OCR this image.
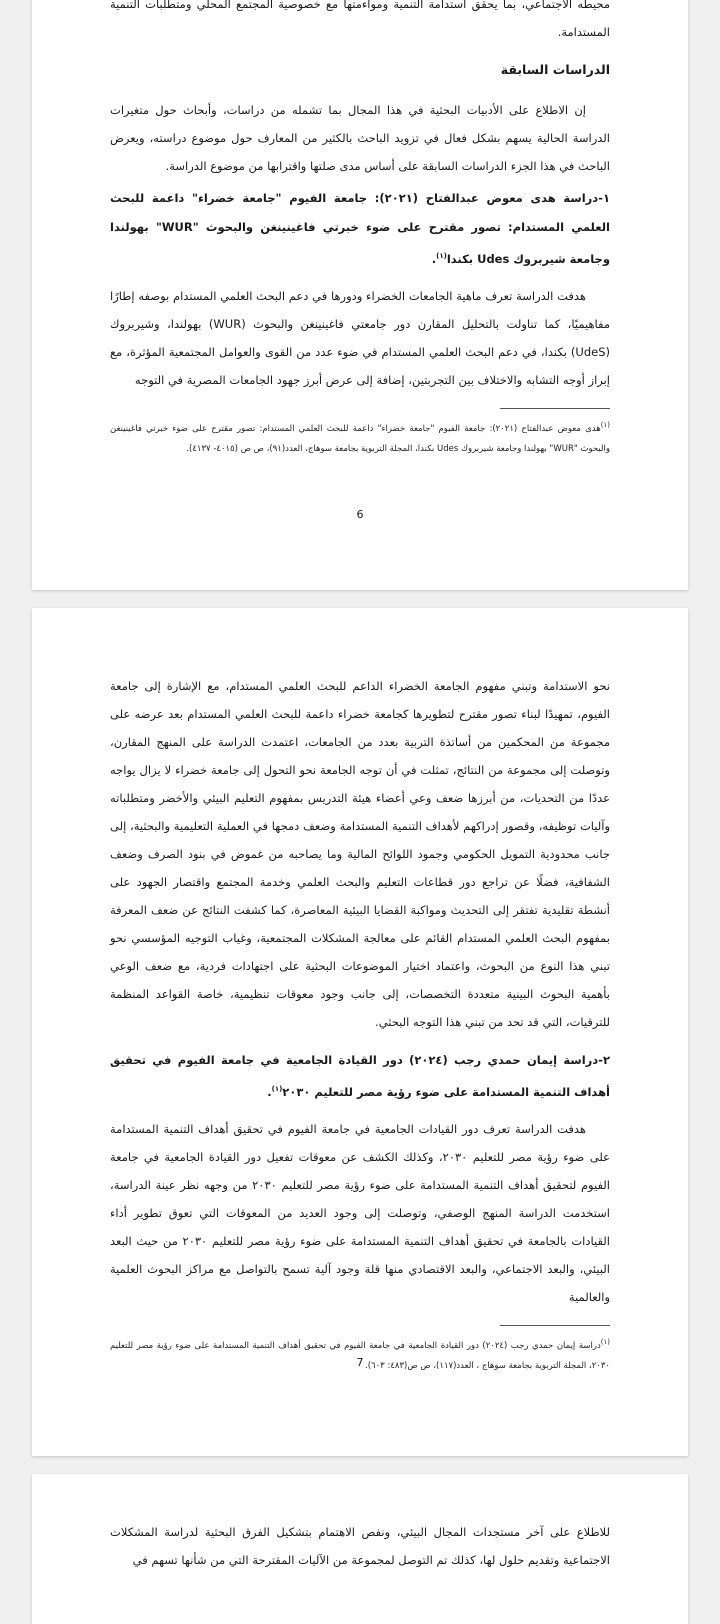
محيطه الاجتماعي، بما يحقق استدامة التنمية ومواءمتها مع خصوصية المجتمع المحلي ومتطلبات التنمية المستدامة.

الدراسات السابقة

إن الاطلاع على الأدبيات البحثية في هذا المجال بما تشمله من دراسات، وأبحاث حول متغيرات الدراسة الحالية يسهم بشكل فعال في تزويد الباحث بالكثير من المعارف حول موضوع دراسته، ويعرض الباحث في هذا الجزء الدراسات السابقة على أساس مدى صلتها واقترابها من موضوع الدراسة.

١-دراسة هدى معوض عبدالفتاح (٢٠٢١): جامعة الفيوم "جامعة خضراء" داعمة للبحث العلمي المستدام: تصور مقترح على ضوء خبرتي فاغينينغن والبحوث "WUR" بهولندا وجامعة شيربروك Udes بكندا$^{(١)}$.

هدفت الدراسة تعرف ماهية الجامعات الخضراء ودورها في دعم البحث العلمي المستدام بوصفه إطارًا مفاهيميًا، كما تناولت بالتحليل المقارن دور جامعتي فاغينينغن والبحوث (WUR) بهولندا، وشيربروك (UdeS) بكندا، في دعم البحث العلمي المستدام في ضوء عدد من القوى والعوامل المجتمعية المؤثرة، مع إبراز أوجه التشابه والاختلاف بين التجربتين، إضافة إلى عرض أبرز جهود الجامعات المصرية في التوجه

$^{(١)}$هدى معوض عبدالفتاح (٢٠٢١): جامعة الفيوم "جامعة خضراء" داعمة للبحث العلمي المستدام: تصور مقترح على ضوء خبرتي فاغينينغن والبحوث "WUR" بهولندا وجامعة شيربروك Udes بكندا، المجلة التربوية بجامعة سوهاج، العدد(٩١)، ص ص (٤٠١٥- ٤١٣٧).

6

نحو الاستدامة وتبني مفهوم الجامعة الخضراء الداعم للبحث العلمي المستدام، مع الإشارة إلى جامعة الفيوم، تمهيدًا لبناء تصور مقترح لتطويرها كجامعة خضراء داعمة للبحث العلمي المستدام بعد عرضه على مجموعة من المحكمين من أساتذة التربية بعدد من الجامعات، اعتمدت الدراسة على المنهج المقارن، وتوصلت إلى مجموعة من النتائج، تمثلت في أن توجه الجامعة نحو التحول إلى جامعة خضراء لا يزال يواجه عددًا من التحديات، من أبرزها ضعف وعي أعضاء هيئة التدريس بمفهوم التعليم البيئي والأخضر ومتطلباته وآليات توظيفه، وقصور إدراكهم لأهداف التنمية المستدامة وضعف دمجها في العملية التعليمية والبحثية، إلى جانب محدودية التمويل الحكومي وجمود اللوائح المالية وما يصاحبه من غموض في بنود الصرف وضعف الشفافية، فضلًا عن تراجع دور قطاعات التعليم والبحث العلمي وخدمة المجتمع واقتصار الجهود على أنشطة تقليدية تفتقر إلى التحديث ومواكبة القضايا البيئية المعاصرة، كما كشفت النتائج عن ضعف المعرفة بمفهوم البحث العلمي المستدام القائم على معالجة المشكلات المجتمعية، وغياب التوجيه المؤسسي نحو تبني هذا النوع من البحوث، واعتماد اختيار الموضوعات البحثية على اجتهادات فردية، مع ضعف الوعي بأهمية البحوث البينية متعددة التخصصات، إلى جانب وجود معوقات تنظيمية، خاصة القواعد المنظمة للترقيات، التي قد تحد من تبني هذا التوجه البحثي.

٢-دراسة إيمان حمدي رجب (٢٠٢٤) دور القيادة الجامعية في جامعة الفيوم في تحقيق أهداف التنمية المستدامة على ضوء رؤية مصر للتعليم ٢٠٣٠$^{(١)}$.

هدفت الدراسة تعرف دور القيادات الجامعية في جامعة الفيوم في تحقيق أهداف التنمية المستدامة على ضوء رؤية مصر للتعليم ٢٠٣٠، وكذلك الكشف عن معوقات تفعيل دور القيادة الجامعية في جامعة الفيوم لتحقيق أهداف التنمية المستدامة على ضوء رؤية مصر للتعليم ٢٠٣٠ من وجهه نظر عينة الدراسة، استخدمت الدراسة المنهج الوصفي، وتوصلت إلى وجود العديد من المعوقات التي تعوق تطوير أداء القيادات بالجامعة في تحقيق أهداف التنمية المستدامة على ضوء رؤية مصر للتعليم ٢٠٣٠ من حيث البعد البيئي، والبعد الاجتماعي، والبعد الاقتصادي منها قلة وجود آلية تسمح بالتواصل مع مراكز البحوث العلمية والعالمية

$^{(١)}$دراسة إيمان حمدي رجب (٢٠٢٤) دور القيادة الجامعية في جامعة الفيوم في تحقيق أهداف التنمية المستدامة على ضوء رؤية مصر للتعليم ٢٠٣٠، المجلة التربوية بجامعة سوهاج ، العدد(١١٧)، ص ص(٤٨٣: ٦٠٣).

7

للاطلاع على آخر مستجدات المجال البيئي، ونفص الاهتمام بتشكيل الفرق البحثية لدراسة المشكلات الاجتماعية وتقديم حلول لها، كذلك تم التوصل لمجموعة من الآليات المقترحة التي من شأنها تسهم في
